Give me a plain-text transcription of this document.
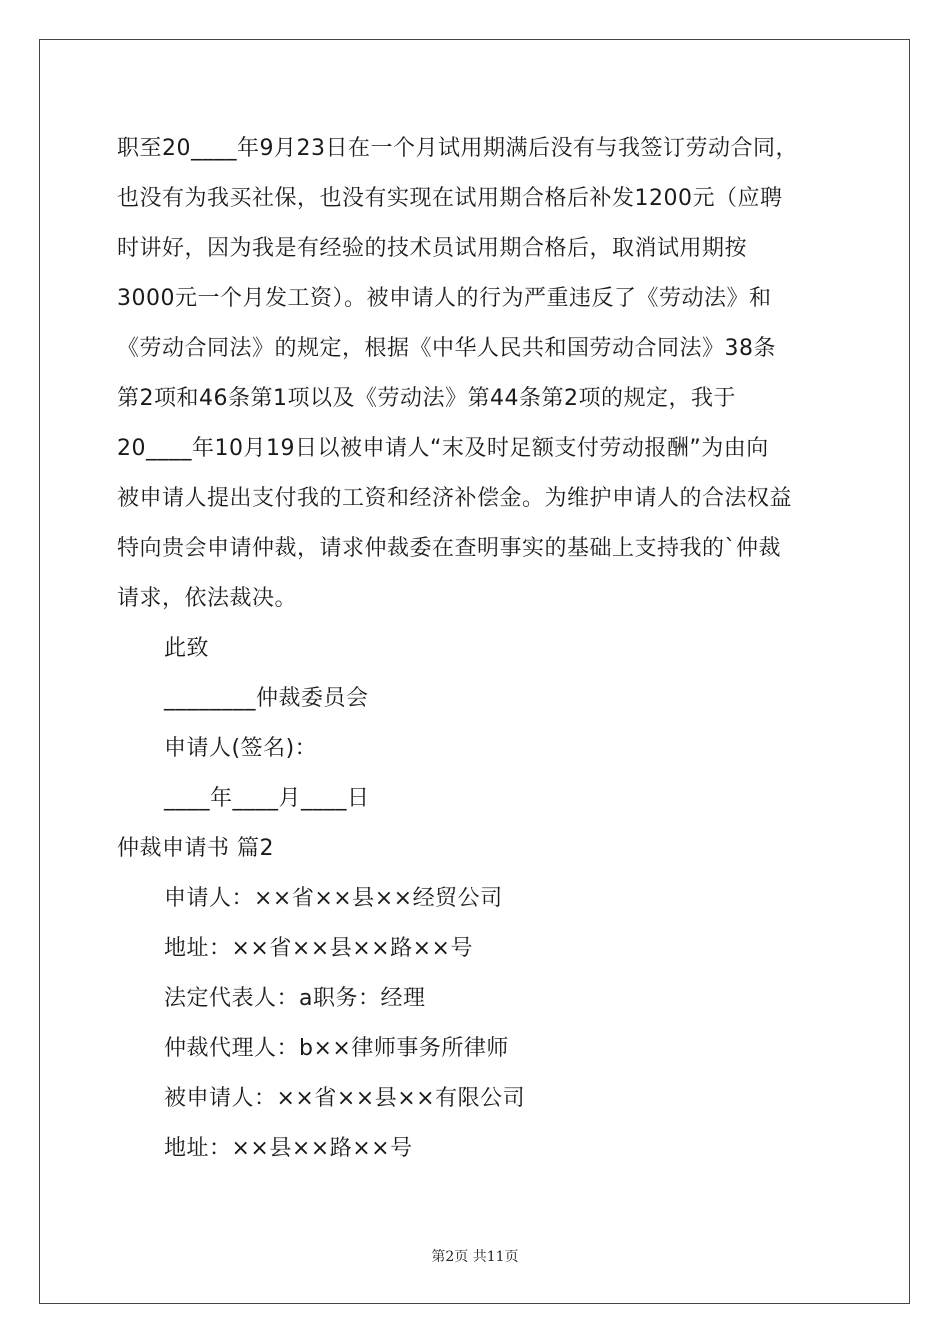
职至20____年9月23日在一个月试用期满后没有与我签订劳动合同，
也没有为我买社保，也没有实现在试用期合格后补发1200元（应聘
时讲好，因为我是有经验的技术员试用期合格后，取消试用期按
3000元一个月发工资）。被申请人的行为严重违反了《劳动法》和
《劳动合同法》的规定，根据《中华人民共和国劳动合同法》38条
第2项和46条第1项以及《劳动法》第44条第2项的规定，我于
20____年10月19日以被申请人“末及时足额支付劳动报酬”为由向
被申请人提出支付我的工资和经济补偿金。为维护申请人的合法权益
特向贵会申请仲裁，请求仲裁委在查明事实的基础上支持我的`仲裁
请求，依法裁决。
此致
________仲裁委员会
申请人(签名)：
____年____月____日
仲裁申请书 篇2
申请人：××省××县××经贸公司
地址：××省××县××路××号
法定代表人：a职务：经理
仲裁代理人：b××律师事务所律师
被申请人：××省××县××有限公司
地址：××县××路××号
第2页 共11页
